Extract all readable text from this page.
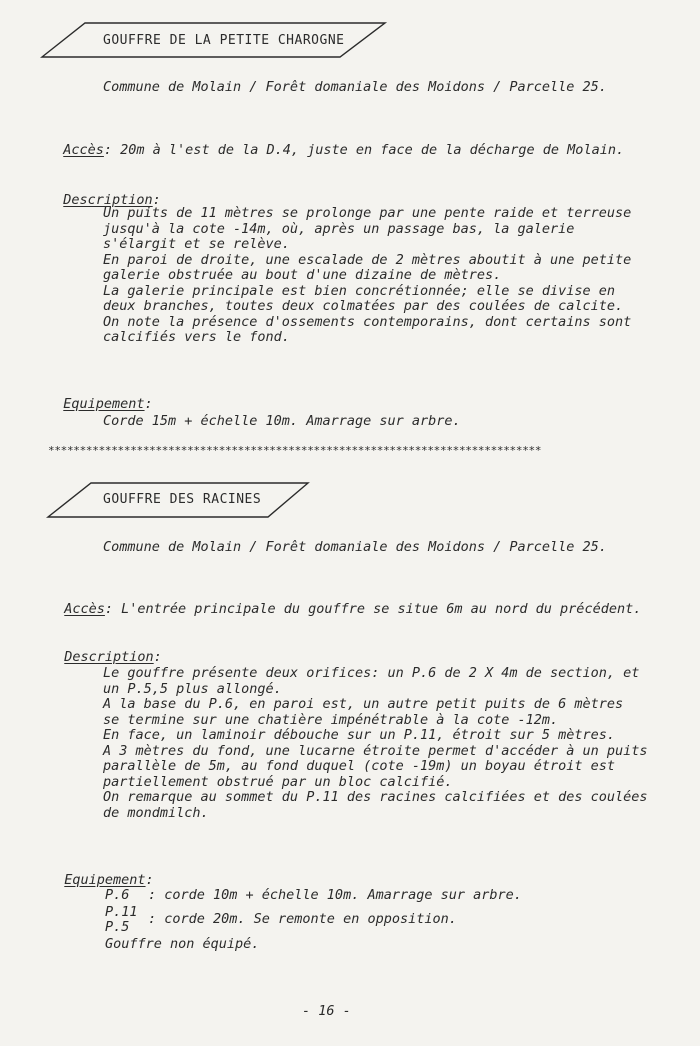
GOUFFRE DE LA PETITE CHAROGNE
Commune de Molain / Forêt domaniale des Moidons / Parcelle 25.

Accès: 20m à l'est de la D.4, juste en face de la décharge de Molain.

Description:

Un puits de 11 mètres se prolonge par une pente raide et terreuse
jusqu'à la cote -14m, où, après un passage bas, la galerie
s'élargit et se relève.
En paroi de droite, une escalade de 2 mètres aboutit à une petite
galerie obstruée au bout d'une dizaine de mètres.
La galerie principale est bien concrétionnée; elle se divise en
deux branches, toutes deux colmatées par des coulées de calcite.
On note la présence d'ossements contemporains, dont certains sont
calcifiés vers le fond.

Equipement:

Corde 15m + échelle 10m. Amarrage sur arbre.
******************************************************************************
GOUFFRE DES RACINES
Commune de Molain / Forêt domaniale des Moidons / Parcelle 25.

Accès: L'entrée principale du gouffre se situe 6m au nord du précédent.

Description:

Le gouffre présente deux orifices: un P.6 de 2 X 4m de section, et
un P.5,5 plus allongé.
A la base du P.6, en paroi est, un autre petit puits de 6 mètres
se termine sur une chatière impénétrable à la cote -12m.
En face, un laminoir débouche sur un P.11, étroit sur 5 mètres.
A 3 mètres du fond, une lucarne étroite permet d'accéder à un puits
parallèle de 5m, au fond duquel (cote -19m) un boyau étroit est
partiellement obstrué par un bloc calcifié.
On remarque au sommet du P.11 des racines calcifiées et des coulées
de mondmilch.

Equipement:

P.6 : corde 10m + échelle 10m. Amarrage sur arbre.
P.11 : corde 20m. Se remonte en opposition.
P.5
Gouffre non équipé.
- 16 -
